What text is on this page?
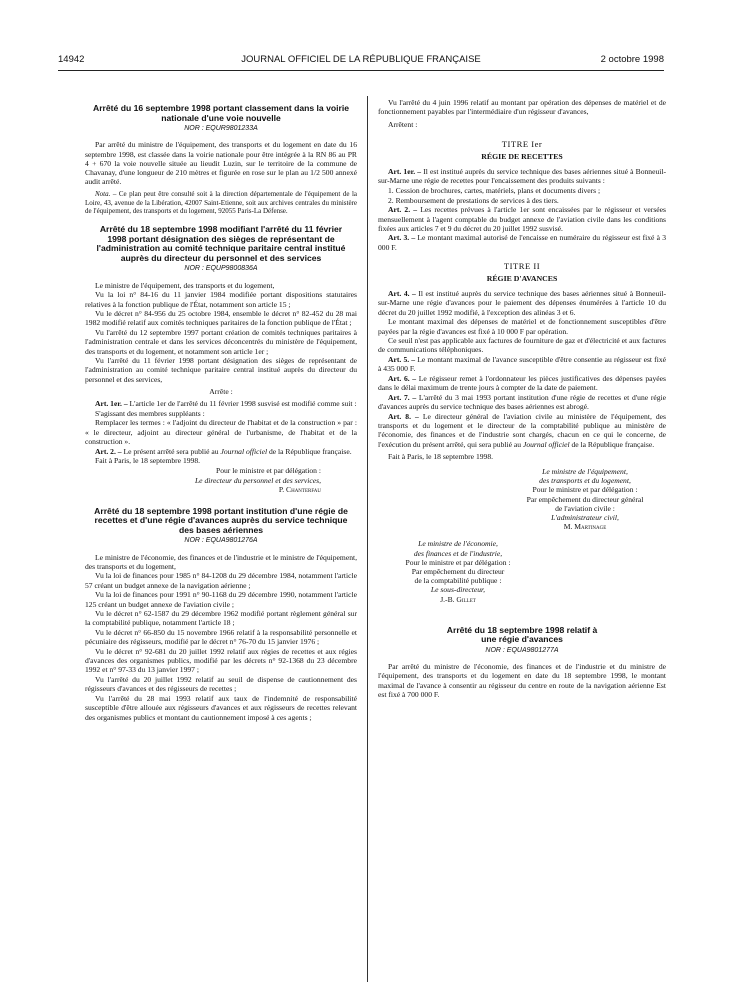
14942	JOURNAL OFFICIEL DE LA RÉPUBLIQUE FRANÇAISE	2 octobre 1998
Arrêté du 16 septembre 1998 portant classement dans la voirie nationale d'une voie nouvelle
NOR : EQUR9801233A

Par arrêté du ministre de l'équipement, des transports et du logement en date du 16 septembre 1998, est classée dans la voirie nationale pour être intégrée à la RN 86 au PR 4 + 670 la voie nouvelle située au lieudit Luzin, sur le territoire de la commune de Chavanay, d'une longueur de 210 mètres et figurée en rose sur le plan au 1/2 500 annexé audit arrêté.

Nota. – Ce plan peut être consulté soit à la direction départementale de l'équipement de la Loire, 43, avenue de la Libération, 42007 Saint-Etienne, soit aux archives centrales du ministère de l'équipement, des transports et du logement, 92055 Paris-La Défense.

Arrêté du 18 septembre 1998 modifiant l'arrêté du 11 février 1998 portant désignation des sièges de représentant de l'administration au comité technique paritaire central institué auprès du directeur du personnel et des services
NOR : EQUP9800836A

Le ministre de l'équipement, des transports et du logement,

Vu la loi n° 84-16 du 11 janvier 1984 modifiée portant dispositions statutaires relatives à la fonction publique de l'État, notamment son article 15 ;

Vu le décret n° 84-956 du 25 octobre 1984, ensemble le décret n° 82-452 du 28 mai 1982 modifié relatif aux comités techniques paritaires de la fonction publique de l'État ;

Vu l'arrêté du 12 septembre 1997 portant création de comités techniques paritaires à l'administration centrale et dans les services déconcentrés du ministère de l'équipement, des transports et du logement, et notamment son article 1er ;

Vu l'arrêté du 11 février 1998 portant désignation des sièges de représentant de l'administration au comité technique paritaire central institué auprès du directeur du personnel et des services,

Arrête :

Art. 1er. – L'article 1er de l'arrêté du 11 février 1998 susvisé est modifié comme suit :

S'agissant des membres suppléants :

Remplacer les termes : « l'adjoint du directeur de l'habitat et de la construction » par : « le directeur, adjoint au directeur général de l'urbanisme, de l'habitat et de la construction ».

Art. 2. – Le présent arrêté sera publié au Journal officiel de la République française.

Fait à Paris, le 18 septembre 1998.

Pour le ministre et par délégation :

Le directeur du personnel et des services,

P. Chanterfau

Arrêté du 18 septembre 1998 portant institution d'une régie de recettes et d'une régie d'avances auprès du service technique des bases aériennes
NOR : EQUA9801276A

Le ministre de l'économie, des finances et de l'industrie et le ministre de l'équipement, des transports et du logement,

Vu la loi de finances pour 1985 n° 84-1208 du 29 décembre 1984, notamment l'article 57 créant un budget annexe de la navigation aérienne ;

Vu la loi de finances pour 1991 n° 90-1168 du 29 décembre 1990, notamment l'article 125 créant un budget annexe de l'aviation civile ;

Vu le décret n° 62-1587 du 29 décembre 1962 modifié portant règlement général sur la comptabilité publique, notamment l'article 18 ;

Vu le décret n° 66-850 du 15 novembre 1966 relatif à la responsabilité personnelle et pécuniaire des régisseurs, modifié par le décret n° 76-70 du 15 janvier 1976 ;

Vu le décret n° 92-681 du 20 juillet 1992 relatif aux régies de recettes et aux régies d'avances des organismes publics, modifié par les décrets n° 92-1368 du 23 décembre 1992 et n° 97-33 du 13 janvier 1997 ;

Vu l'arrêté du 20 juillet 1992 relatif au seuil de dispense de cautionnement des régisseurs d'avances et des régisseurs de recettes ;

Vu l'arrêté du 28 mai 1993 relatif aux taux de l'indemnité de responsabilité susceptible d'être allouée aux régisseurs d'avances et aux régisseurs de recettes relevant des organismes publics et montant du cautionnement imposé à ces agents ;

Vu l'arrêté du 4 juin 1996 relatif au montant par opération des dépenses de matériel et de fonctionnement payables par l'intermédiaire d'un régisseur d'avances,

Arrêtent :

TITRE Ier
RÉGIE DE RECETTES

Art. 1er. – Il est institué auprès du service technique des bases aériennes situé à Bonneuil-sur-Marne une régie de recettes pour l'encaissement des produits suivants :

1. Cession de brochures, cartes, matériels, plans et documents divers ;

2. Remboursement de prestations de services à des tiers.

Art. 2. – Les recettes prévues à l'article 1er sont encaissées par le régisseur et versées mensuellement à l'agent comptable du budget annexe de l'aviation civile dans les conditions fixées aux articles 7 et 9 du décret du 20 juillet 1992 susvisé.

Art. 3. – Le montant maximal autorisé de l'encaisse en numéraire du régisseur est fixé à 3 000 F.

TITRE II
RÉGIE D'AVANCES

Art. 4. – Il est institué auprès du service technique des bases aériennes situé à Bonneuil-sur-Marne une régie d'avances pour le paiement des dépenses énumérées à l'article 10 du décret du 20 juillet 1992 modifié, à l'exception des alinéas 3 et 6.

Le montant maximal des dépenses de matériel et de fonctionnement susceptibles d'être payées par la régie d'avances est fixé à 10 000 F par opération.

Ce seuil n'est pas applicable aux factures de fourniture de gaz et d'électricité et aux factures de communications téléphoniques.

Art. 5. – Le montant maximal de l'avance susceptible d'être consentie au régisseur est fixé à 435 000 F.

Art. 6. – Le régisseur remet à l'ordonnateur les pièces justificatives des dépenses payées dans le délai maximum de trente jours à compter de la date de paiement.

Art. 7. – L'arrêté du 3 mai 1993 portant institution d'une régie de recettes et d'une régie d'avances auprès du service technique des bases aériennes est abrogé.

Art. 8. – Le directeur général de l'aviation civile au ministère de l'équipement, des transports et du logement et le directeur de la comptabilité publique au ministère de l'économie, des finances et de l'industrie sont chargés, chacun en ce qui le concerne, de l'exécution du présent arrêté, qui sera publié au Journal officiel de la République française.

Fait à Paris, le 18 septembre 1998.

Le ministre de l'équipement,
des transports et du logement,
Pour le ministre et par délégation :
Par empêchement du directeur général
de l'aviation civile :
L'administrateur civil,
M. Martinage
Le ministre de l'économie,
des finances et de l'industrie,
Pour le ministre et par délégation :
Par empêchement du directeur
de la comptabilité publique :
Le sous-directeur,
J.-B. Gillet
Arrêté du 18 septembre 1998 relatif à une régie d'avances
NOR : EQUA9801277A

Par arrêté du ministre de l'économie, des finances et de l'industrie et du ministre de l'équipement, des transports et du logement en date du 18 septembre 1998, le montant maximal de l'avance à consentir au régisseur du centre en route de la navigation aérienne Est est fixé à 700 000 F.
